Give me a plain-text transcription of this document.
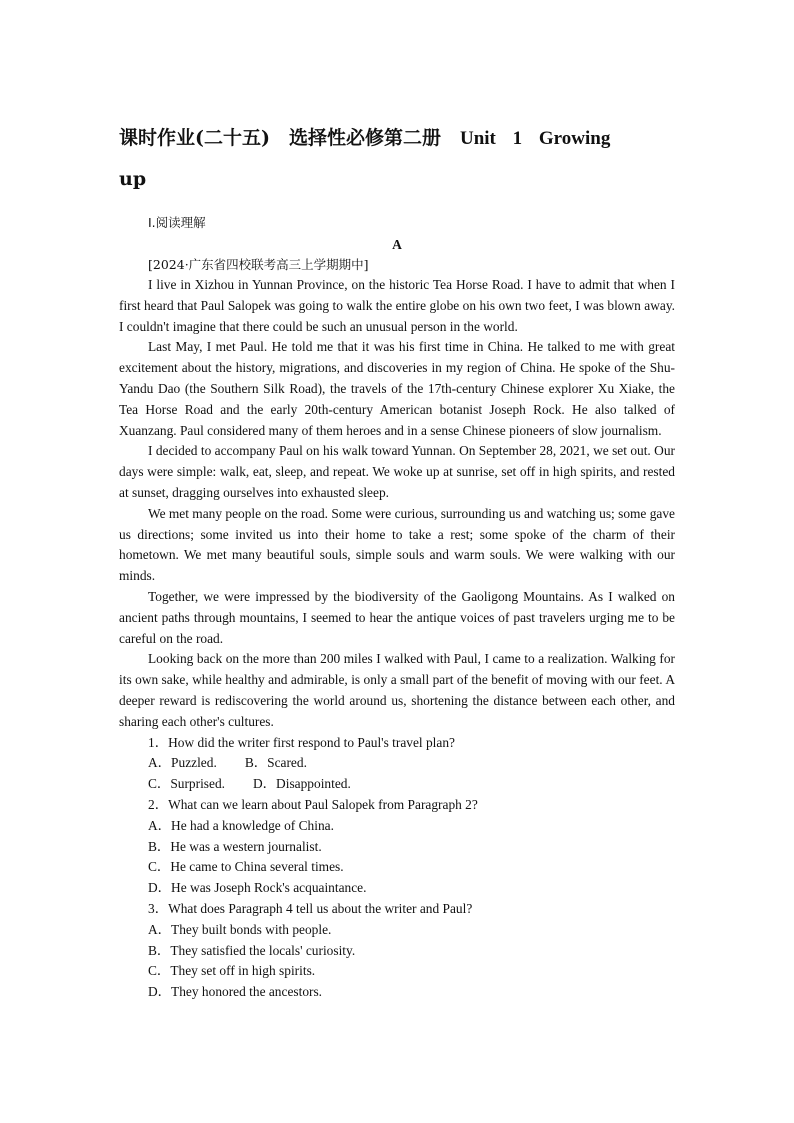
课时作业(二十五)　选择性必修第二册　Unit 1 Growing
up
Ⅰ.阅读理解
A

[2024·广东省四校联考高三上学期期中]

I live in Xizhou in Yunnan Province, on the historic Tea Horse Road. I have to admit that when I first heard that Paul Salopek was going to walk the entire globe on his own two feet, I was blown away. I couldn't imagine that there could be such an unusual person in the world.

Last May, I met Paul. He told me that it was his first time in China. He talked to me with great excitement about the history, migrations, and discoveries in my region of China. He spoke of the Shu-Yandu Dao (the Southern Silk Road), the travels of the 17th-century Chinese explorer Xu Xiake, the Tea Horse Road and the early 20th-century American botanist Joseph Rock. He also talked of Xuanzang. Paul considered many of them heroes and in a sense Chinese pioneers of slow journalism.

I decided to accompany Paul on his walk toward Yunnan. On September 28, 2021, we set out. Our days were simple: walk, eat, sleep, and repeat. We woke up at sunrise, set off in high spirits, and rested at sunset, dragging ourselves into exhausted sleep.

We met many people on the road. Some were curious, surrounding us and watching us; some gave us directions; some invited us into their home to take a rest; some spoke of the charm of their hometown. We met many beautiful souls, simple souls and warm souls. We were walking with our minds.

Together, we were impressed by the biodiversity of the Gaoligong Mountains. As I walked on ancient paths through mountains, I seemed to hear the antique voices of past travelers urging me to be careful on the road.

Looking back on the more than 200 miles I walked with Paul, I came to a realization. Walking for its own sake, while healthy and admirable, is only a small part of the benefit of moving with our feet. A deeper reward is rediscovering the world around us, shortening the distance between each other, and sharing each other's cultures.

1．How did the writer first respond to Paul's travel plan?

A．Puzzled. B．Scared.

C．Surprised. D．Disappointed.

2．What can we learn about Paul Salopek from Paragraph 2?

A．He had a knowledge of China.

B．He was a western journalist.

C．He came to China several times.

D．He was Joseph Rock's acquaintance.

3．What does Paragraph 4 tell us about the writer and Paul?

A．They built bonds with people.

B．They satisfied the locals' curiosity.

C．They set off in high spirits.

D．They honored the ancestors.
